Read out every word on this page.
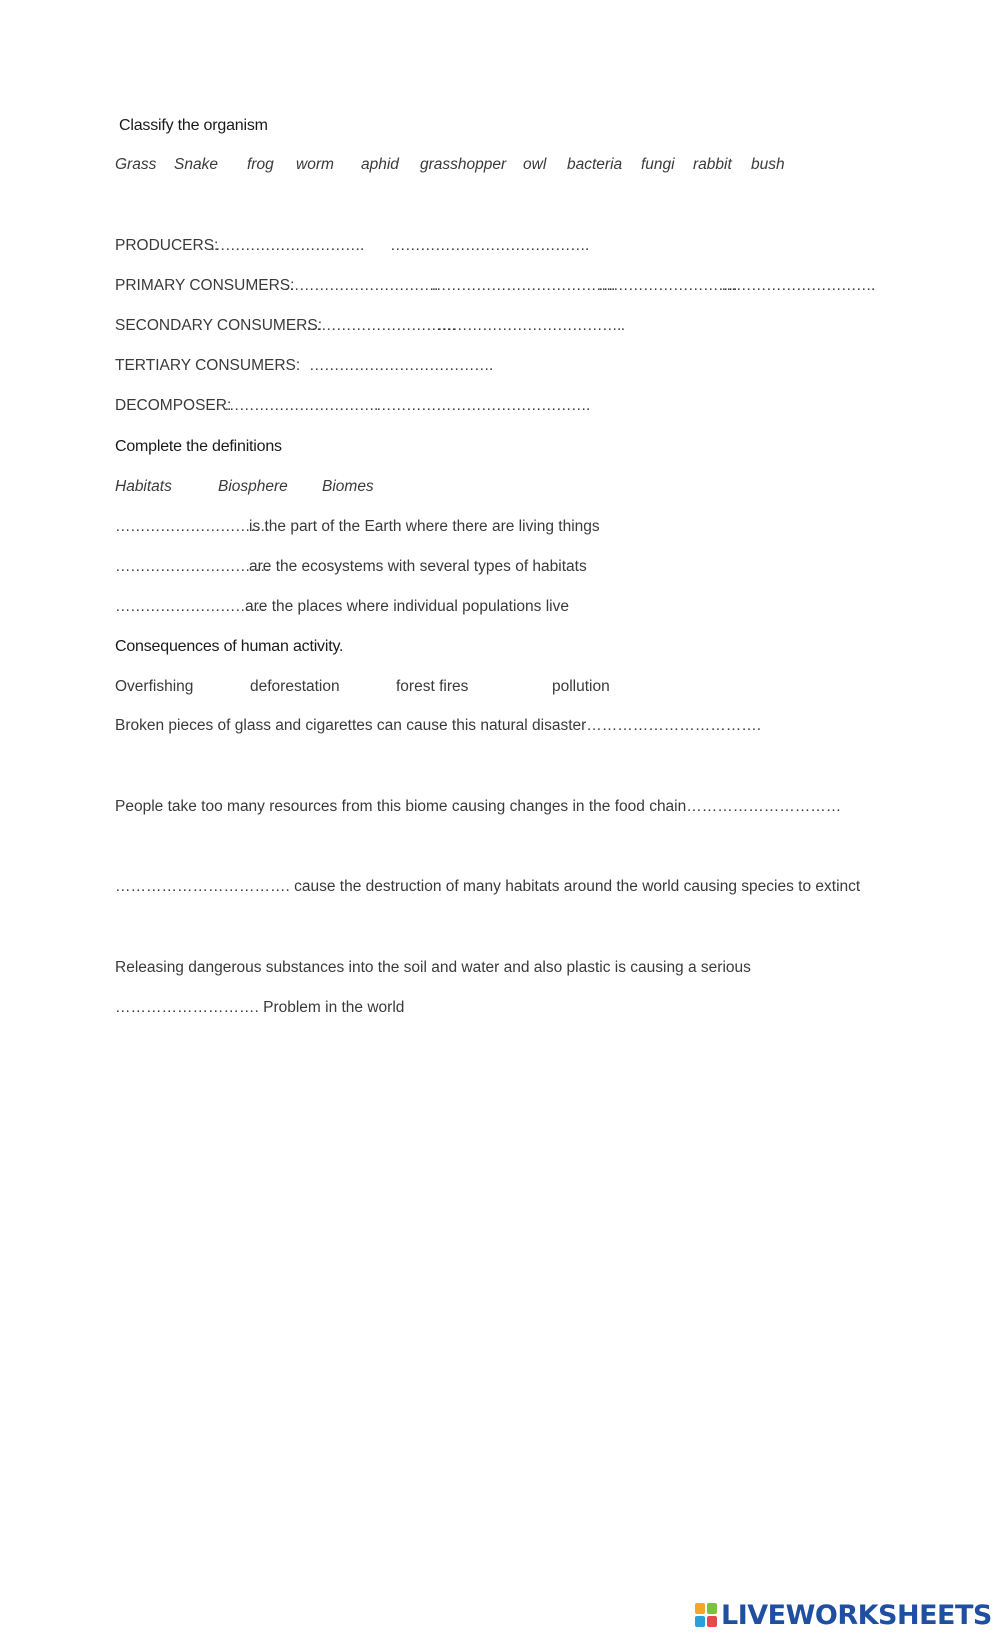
Classify the organism
Grass Snake frog worm aphid grasshopper owl bacteria fungi rabbit bush
PRODUCERS:
…………………………. ………………………………….
PRIMARY CONSUMERS:
………………………….
……………………………….
……………………….
………………………….
SECONDARY CONSUMERS:
…………………………
………………………………..
TERTIARY CONSUMERS: ……………………………….
DECOMPOSER:
………………………….
…………………………………….
Complete the definitions
Habitats	Biosphere Biomes
………………………….
is the part of the Earth where there are living things
………………………….
are the ecosystems with several types of habitats
…………………………
are the places where individual populations live
Consequences of human activity.
Overfishing	deforestation	forest fires	pollution
Broken pieces of glass and cigarettes can cause this natural disaster…………………………….
People take too many resources from this biome causing changes in the food chain…………………………
……………………………. cause the destruction of many habitats around the world causing species to extinct
Releasing dangerous substances into the soil and water and also plastic is causing a serious
………………………. Problem in the world
LIVEWORKSHEETS
